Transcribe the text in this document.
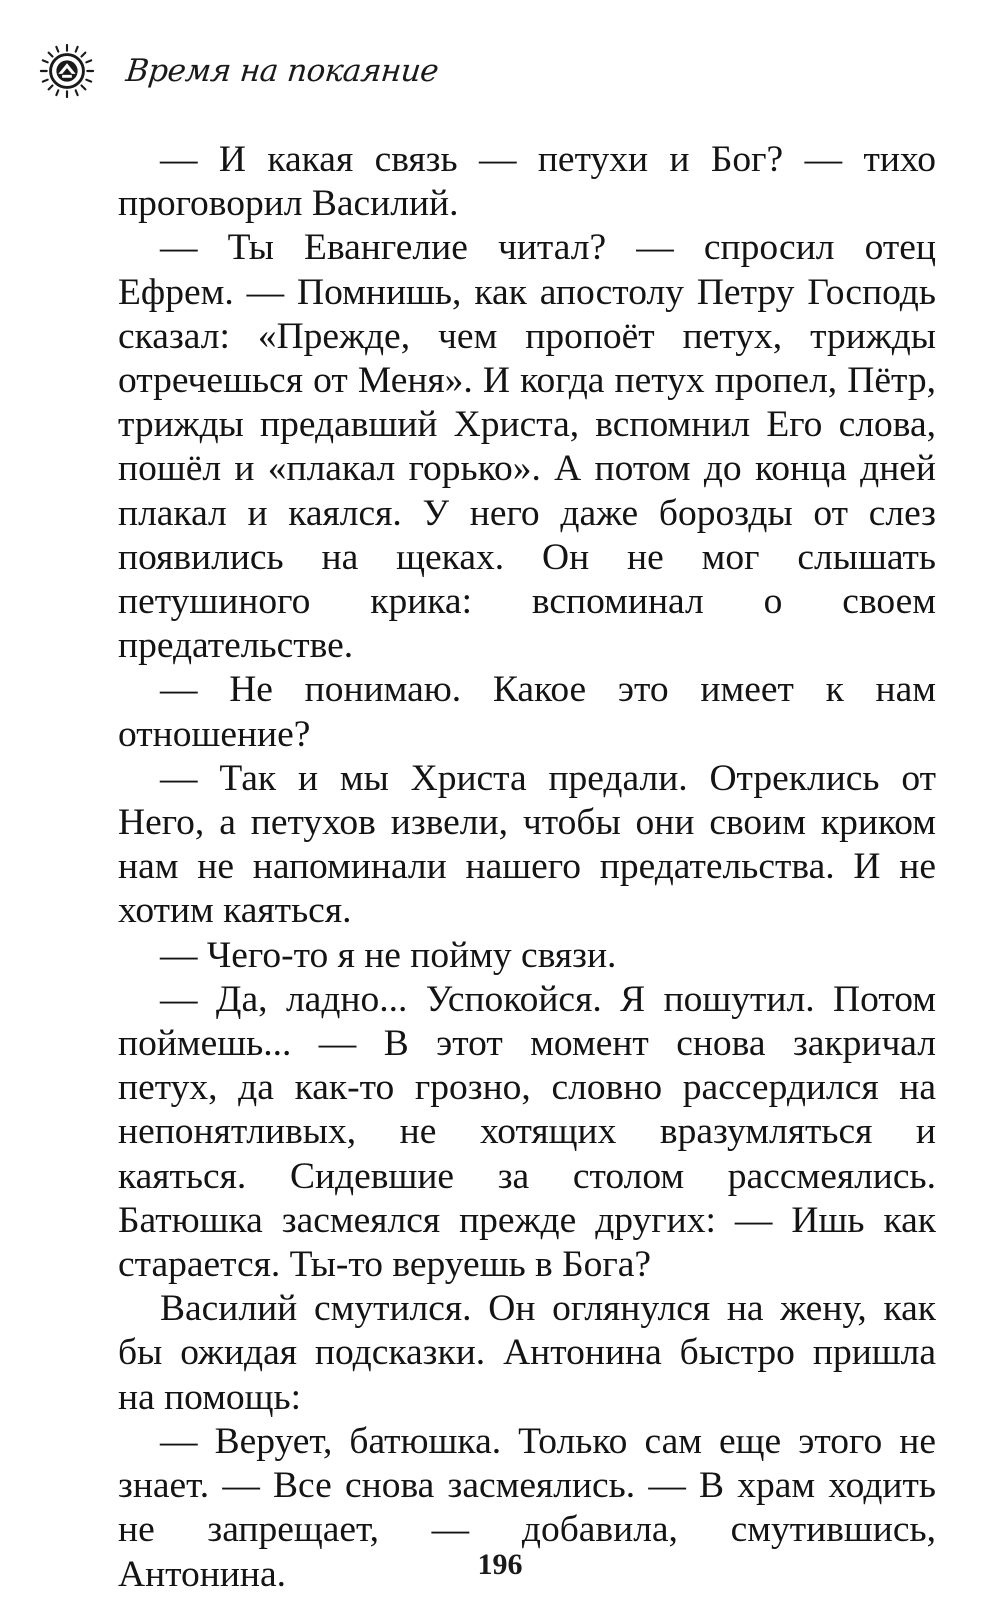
Время на покаяние

— И какая связь — петухи и Бог? — тихо проговорил Василий.

— Ты Евангелие читал? — спросил отец Ефрем. — Помнишь, как апостолу Петру Господь сказал: «Прежде, чем пропоёт петух, трижды отречешься от Меня». И когда петух пропел, Пётр, трижды предавший Христа, вспомнил Его слова, пошёл и «плакал горько». А потом до конца дней плакал и каялся. У него даже борозды от слез появились на щеках. Он не мог слышать петушиного крика: вспоминал о своем предательстве.

— Не понимаю. Какое это имеет к нам отношение?

— Так и мы Христа предали. Отреклись от Него, а петухов извели, чтобы они своим криком нам не напоминали нашего предательства. И не хотим каяться.

— Чего-то я не пойму связи.

— Да, ладно... Успокойся. Я пошутил. Потом поймешь... — В этот момент снова закричал петух, да как-то грозно, словно рассердился на непонятливых, не хотящих вразумляться и каяться. Сидевшие за столом рассмеялись. Батюшка засмеялся прежде других: — Ишь как старается. Ты-то веруешь в Бога?

Василий смутился. Он оглянулся на жену, как бы ожидая подсказки. Антонина быстро пришла на помощь:

— Верует, батюшка. Только сам еще этого не знает. — Все снова засмеялись. — В храм ходить не запрещает, — добавила, смутившись, Антонина.	196
